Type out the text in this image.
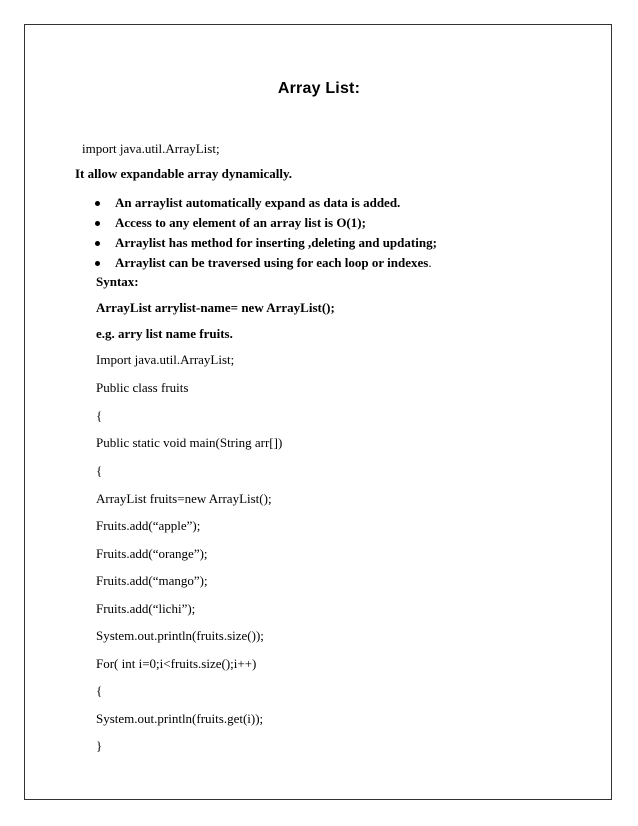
Array List:
import java.util.ArrayList;
It allow expandable array dynamically.
An arraylist automatically expand as data is added.
Access to any element of an array list is O(1);
Arraylist has method for inserting ,deleting and updating;
Arraylist can be traversed using for each loop or indexes .
Syntax:
ArrayList arrylist-name= new ArrayList();
e.g. arry list name fruits.
Import java.util.ArrayList;
Public class fruits
{
Public static void main(String arr[])
{
ArrayList fruits=new ArrayList();
Fruits.add(“apple”);
Fruits.add(“orange”);
Fruits.add(“mango”);
Fruits.add(“lichi”);
System.out.println(fruits.size());
For( int i=0;i<fruits.size();i++)
{
System.out.println(fruits.get(i));
}
